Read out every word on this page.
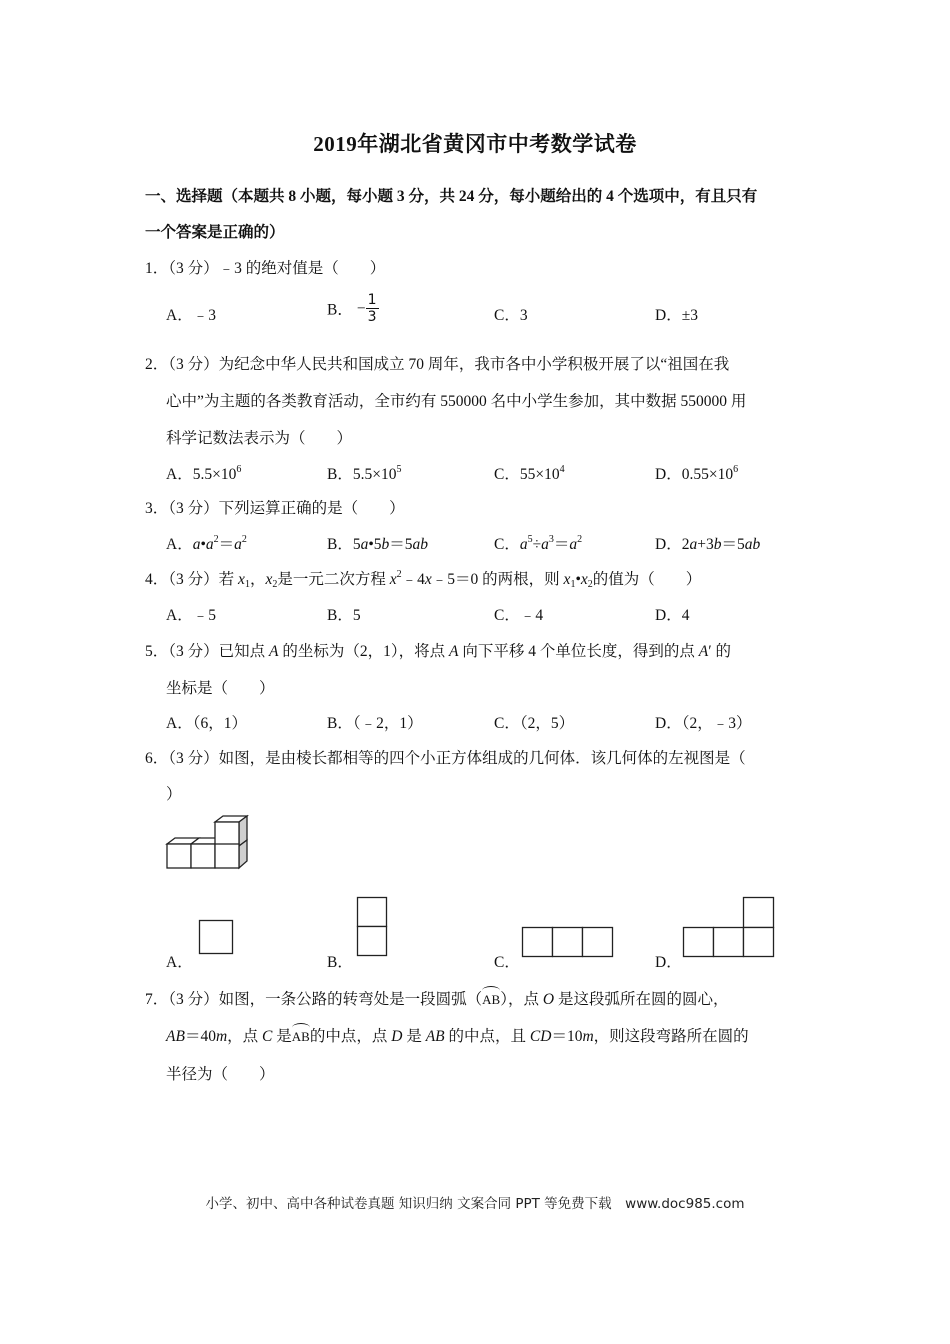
2019年湖北省黄冈市中考数学试卷
一、选择题（本题共 8 小题，每小题 3 分，共 24 分，每小题给出的 4 个选项中，有且只有
一个答案是正确的）
1．（3 分）﹣3 的绝对值是（　　）
A．﹣3	B． − $\frac{1}{3}$	C．3	D．±3
2．（3 分）为纪念中华人民共和国成立 70 周年，我市各中小学积极开展了以“祖国在我
心中”为主题的各类教育活动，全市约有 550000 名中小学生参加，其中数据 550000 用
科学记数法表示为（　　）
A．$5.5\times 10^6$	B．$5.5\times 10^5$	C．$55\times 10^4$	D．$0.55\times 10^6$
3．（3 分）下列运算正确的是（　　）
A．$a•a^2=a^2$	B．5a•5b＝5ab	C．$a^5\div a^3=a^2$	D．2a+3b＝5ab
4．（3 分）若 $x_1$，$x_2$是一元二次方程 $x^2﹣4x﹣5=0$ 的两根，则 $x_1•x_2$的值为（　　）
A．﹣5	B．5	C．﹣4	D．4
5．（3 分）已知点 A 的坐标为（2，1），将点 A 向下平移 4 个单位长度，得到的点 A′ 的
坐标是（　　）
A．（6，1）	B．（﹣2，1）	C．（2，5）	D．（2，﹣3）
6．（3 分）如图，是由棱长都相等的四个小正方体组成的几何体．该几何体的左视图是（
）
A．	B．	C．	D．
7．（3 分）如图，一条公路的转弯处是一段圆弧（AB），点 O 是这段弧所在圆的圆心，
AB＝40m，点 C 是AB的中点，点 D 是 AB 的中点，且 CD＝10m，则这段弯路所在圆的
半径为（　　）
小学、初中、高中各种试卷真题 知识归纳 文案合同 PPT 等免费下载　www.doc985.com
